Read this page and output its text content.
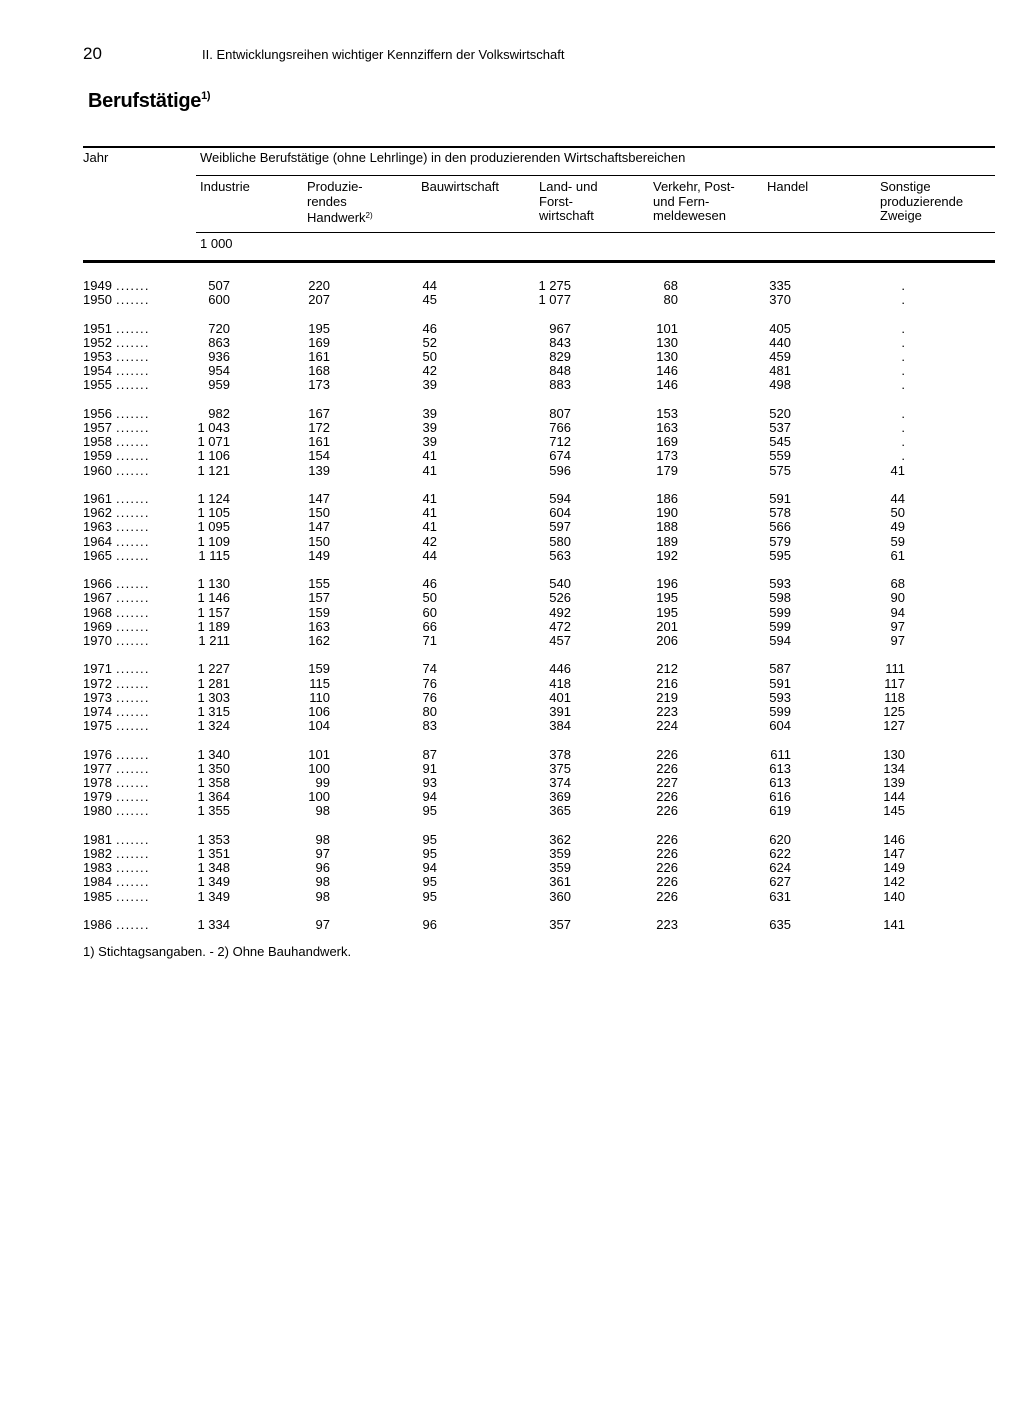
20	II. Entwicklungsreihen wichtiger Kennziffern der Volkswirtschaft
Berufstätige$^{1)}$
Jahr	Weibliche Berufstätige (ohne Lehrlinge) in den produzierenden Wirtschaftsbereichen
Industrie	Produzie-
rendes
Handwerk$^{2)}$
Bauwirtschaft	Land- und
Forst-
wirtschaft
Verkehr, Post-
und Fern-
meldewesen
Handel	Sonstige
produzierende
Zweige
1 000
1949 .......	507	220	44	1 275	68	335	.
1950 .......	600	207	45	1 077	80	370	.
1951 .......	720	195	46	967	101	405	.
1952 .......	863	169	52	843	130	440	.
1953 .......	936	161	50	829	130	459	.
1954 .......	954	168	42	848	146	481	.
1955 .......	959	173	39	883	146	498	.
1956 .......	982	167	39	807	153	520	.
1957 .......	1 043	172	39	766	163	537	.
1958 .......	1 071	161	39	712	169	545	.
1959 .......	1 106	154	41	674	173	559	.
1960 .......	1 121	139	41	596	179	575	41
1961 .......	1 124	147	41	594	186	591	44
1962 .......	1 105	150	41	604	190	578	50
1963 .......	1 095	147	41	597	188	566	49
1964 .......	1 109	150	42	580	189	579	59
1965 .......	1 115	149	44	563	192	595	61
1966 .......	1 130	155	46	540	196	593	68
1967 .......	1 146	157	50	526	195	598	90
1968 .......	1 157	159	60	492	195	599	94
1969 .......	1 189	163	66	472	201	599	97
1970 .......	1 211	162	71	457	206	594	97
1971 .......	1 227	159	74	446	212	587	111
1972 .......	1 281	115	76	418	216	591	117
1973 .......	1 303	110	76	401	219	593	118
1974 .......	1 315	106	80	391	223	599	125
1975 .......	1 324	104	83	384	224	604	127
1976 .......	1 340	101	87	378	226	611	130
1977 .......	1 350	100	91	375	226	613	134
1978 .......	1 358	99	93	374	227	613	139
1979 .......	1 364	100	94	369	226	616	144
1980 .......	1 355	98	95	365	226	619	145
1981 .......	1 353	98	95	362	226	620	146
1982 .......	1 351	97	95	359	226	622	147
1983 .......	1 348	96	94	359	226	624	149
1984 .......	1 349	98	95	361	226	627	142
1985 .......	1 349	98	95	360	226	631	140
1986 .......	1 334	97	96	357	223	635	141
1) Stichtagsangaben. - 2) Ohne Bauhandwerk.
